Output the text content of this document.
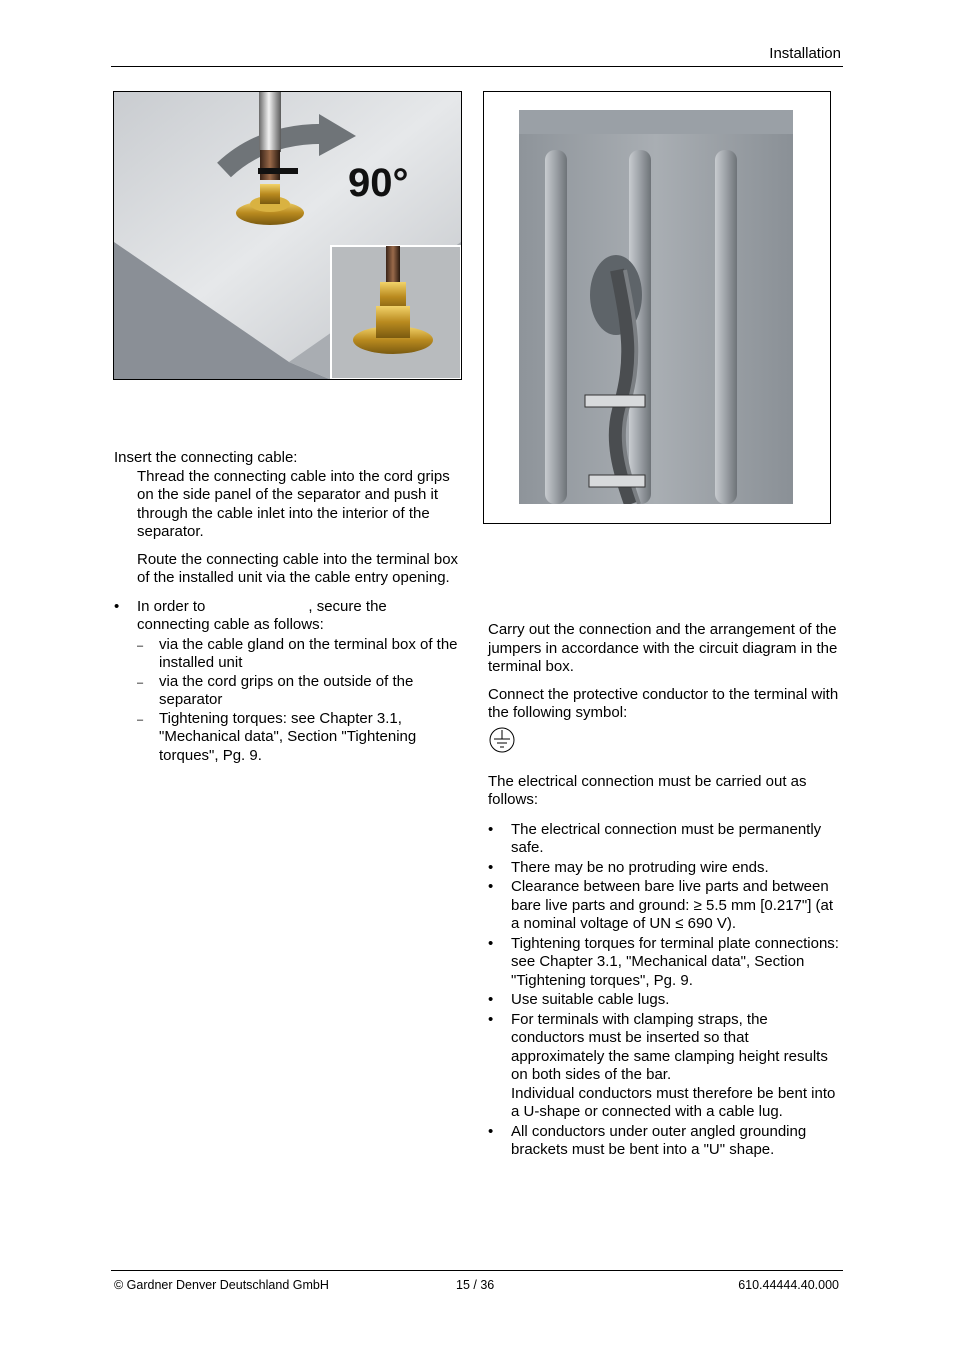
Installation
90°

Insert the connecting cable:

Thread the connecting cable into the cord grips on the side panel of the separator and push it through the cable inlet into the interior of the separator.

Route the connecting cable into the terminal box of the installed unit via the cable entry opening.

• In order to	, secure the connecting cable as follows:
– via the cable gland on the terminal box of the installed unit
– via the cord grips on the outside of the separator
– Tightening torques: see Chapter 3.1, "Mechanical data", Section "Tightening torques", Pg. 9.

Carry out the connection and the arrangement of the jumpers in accordance with the circuit diagram in the terminal box.

Connect the protective conductor to the terminal with the following symbol:

The electrical connection must be carried out as follows:

• The electrical connection must be permanently safe.
• There may be no protruding wire ends.
• Clearance between bare live parts and between bare live parts and ground: ≥ 5.5 mm [0.217"] (at a nominal voltage of UN ≤ 690 V).
• Tightening torques for terminal plate connections:
see Chapter 3.1, "Mechanical data", Section "Tightening torques", Pg. 9.
• Use suitable cable lugs.
• For terminals with clamping straps, the conductors must be inserted so that approximately the same clamping height results on both sides of the bar.
Individual conductors must therefore be bent into a U-shape or connected with a cable lug.
• All conductors under outer angled grounding brackets must be bent into a "U" shape.
© Gardner Denver Deutschland GmbH	15 / 36	610.44444.40.000
